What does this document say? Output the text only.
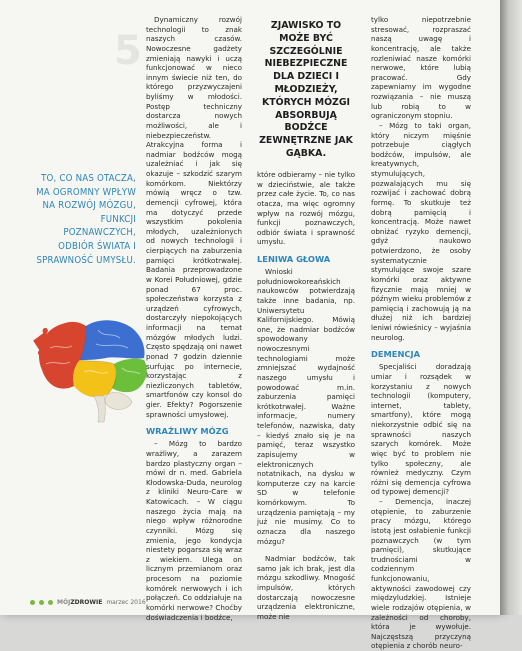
5
TO, CO NAS OTACZA, MA OGROMNY WPŁYW NA ROZWÓJ MÓZGU, FUNKCJI POZNAWCZYCH, ODBIÓR ŚWIATA I SPRAWNOŚĆ UMYSŁU.

Dynamiczny rozwój technologii to znak naszych czasów. Nowoczesne gadżety zmieniają nawyki i uczą funkcjonować w nieco innym świecie niż ten, do którego przyzwyczajeni byliśmy w młodości. Postęp techniczny dostarcza nowych możliwości, ale i niebezpieczeństw. Atrakcyjna forma i nadmiar bodźców mogą uzależniać i jak się okazuje – szkodzić szarym komórkom. Niektórzy mówią wręcz o tzw. demencji cyfrowej, która ma dotyczyć przede wszystkim pokolenia młodych, uzależnionych od nowych technologii i cierpiących na zaburzenia pamięci krótkotrwałej. Badania przeprowadzone w Korei Południowej, gdzie ponad 67 proc. społeczeństwa korzysta z urządzeń cyfrowych, dostarczyły niepokojących informacji na temat mózgów młodych ludzi. Często spędzają oni nawet ponad 7 godzin dziennie surfując po internecie, korzystając z niezliczonych tabletów, smartfonów czy konsol do gier. Efekty? Pogorszenie sprawności umysłowej.

WRAŻLIWY MÓZG

– Mózg to bardzo wrażliwy, a zarazem bardzo plastyczny organ – mówi dr n. med. Gabriela Kłodowska-Duda, neurolog z kliniki Neuro-Care w Katowicach. – W ciągu naszego życia mają na niego wpływ różnorodne czynniki. Mózg się zmienia, jego kondycja niestety pogarsza się wraz z wiekiem. Ulega on licznym przemianom oraz procesom na poziomie komórek nerwowych i ich połączeń. Co oddziałuje na komórki nerwowe? Choćby doświadczenia i bodźce,

ZJAWISKO TO MOŻE BYĆ SZCZEGÓLNIE NIEBEZPIECZNE DLA DZIECI I MŁODZIEŻY, KTÓRYCH MÓZGI ABSORBUJĄ BODŹCE ZEWNĘTRZNE JAK GĄBKA.

które odbieramy – nie tylko w dzieciństwie, ale także przez całe życie. To, co nas otacza, ma więc ogromny wpływ na rozwój mózgu, funkcji poznawczych, odbiór świata i sprawność umysłu.

LENIWA GŁOWA

Wnioski południowokoreańskich naukowców potwierdzają także inne badania, np. Uniwersytetu Kalifornijskiego. Mówią one, że nadmiar bodźców spowodowany nowoczesnymi technologiami może zmniejszać wydajność naszego umysłu i powodować m.in. zaburzenia pamięci krótkotrwałej. Ważne informacje, numery telefonów, nazwiska, daty – kiedyś znało się je na pamięć, teraz wszystko zapisujemy w elektronicznych notatnikach, na dysku w komputerze czy na karcie SD w telefonie komórkowym. To urządzenia pamiętają – my już nie musimy. Co to oznacza dla naszego mózgu?

Nadmiar bodźców, tak samo jak ich brak, jest dla mózgu szkodliwy. Mnogość impulsów, których dostarczają nowoczesne urządzenia elektroniczne, może nie

tylko niepotrzebnie stresować, rozpraszać naszą uwagę i koncentrację, ale także rozleniwiać nasze komórki nerwowe, które lubią pracować. Gdy zapewniamy im wygodne rozwiązania – nie muszą lub robią to w ograniczonym stopniu.

– Mózg to taki organ, który niczym mięśnie potrzebuje ciągłych bodźców, impulsów, ale kreatywnych, stymulujących, pozwalających mu się rozwijać i zachować dobrą formę. To skutkuje też dobrą pamięcią i koncentracją. Może nawet obniżać ryzyko demencji, gdyż naukowo potwierdzono, że osoby systematycznie stymulujące swoje szare komórki oraz aktywne fizycznie mają mniej w późnym wieku problemów z pamięcią i zachowują ją na dłużej niż ich bardziej leniwi rówieśnicy – wyjaśnia neurolog.

DEMENCJA

Specjaliści doradzają umiar i rozsądek w korzystaniu z nowych technologii (komputery, internet, tablety, smartfony), które mogą niekorzystnie odbić się na sprawności naszych szarych komórek. Może więc być to problem nie tylko społeczny, ale również medyczny. Czym różni się demencja cyfrowa od typowej demencji?

– Demencja, inaczej otępienie, to zaburzenie pracy mózgu, którego istotą jest osłabienie funkcji poznawczych (w tym pamięci), skutkujące trudnościami w codziennym funkcjonowaniu, aktywności zawodowej czy międzyludzkiej. Istnieje wiele rodzajów otępienia, w zależności od choroby, która je wywołuje. Najczęstszą przyczyną otępienia z chorób neuro-

MÓJZDROWIE marzec 2016
